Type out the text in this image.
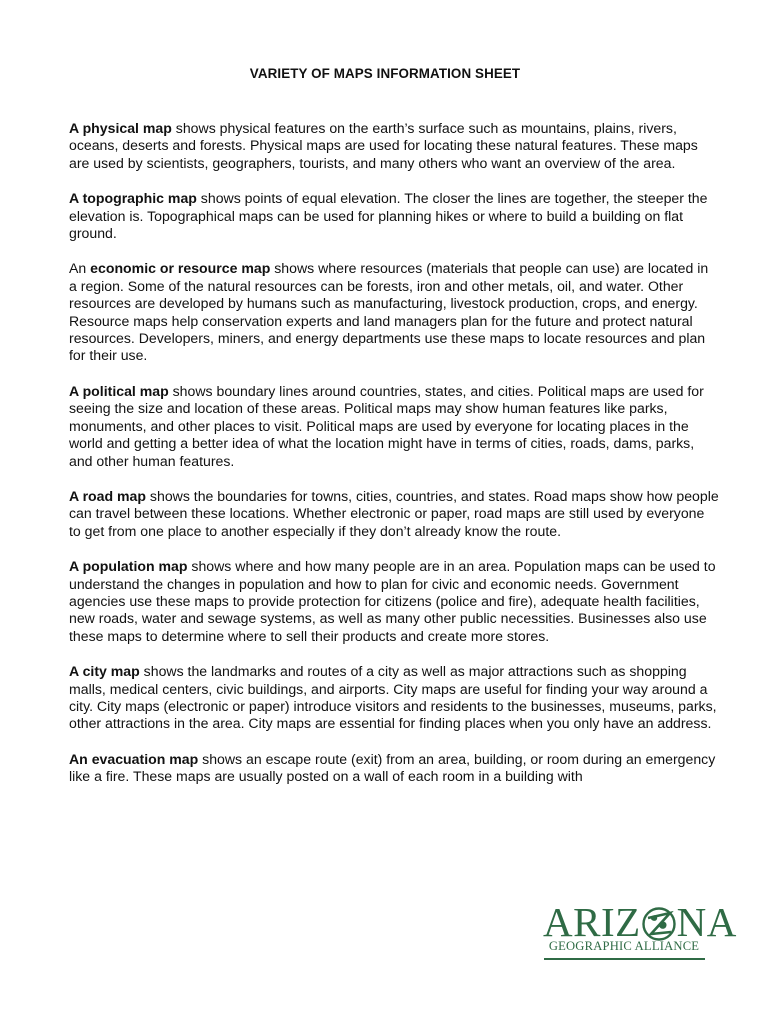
VARIETY OF MAPS INFORMATION SHEET

A physical map shows physical features on the earth’s surface such as mountains, plains, rivers, oceans, deserts and forests. Physical maps are used for locating these natural features. These maps are used by scientists, geographers, tourists, and many others who want an overview of the area.

A topographic map shows points of equal elevation. The closer the lines are together, the steeper the elevation is. Topographical maps can be used for planning hikes or where to build a building on flat ground.

An economic or resource map shows where resources (materials that people can use) are located in a region. Some of the natural resources can be forests, iron and other metals, oil, and water. Other resources are developed by humans such as manufacturing, livestock production, crops, and energy. Resource maps help conservation experts and land managers plan for the future and protect natural resources. Developers, miners, and energy departments use these maps to locate resources and plan for their use.

A political map shows boundary lines around countries, states, and cities. Political maps are used for seeing the size and location of these areas. Political maps may show human features like parks, monuments, and other places to visit. Political maps are used by everyone for locating places in the world and getting a better idea of what the location might have in terms of cities, roads, dams, parks, and other human features.

A road map shows the boundaries for towns, cities, countries, and states. Road maps show how people can travel between these locations. Whether electronic or paper, road maps are still used by everyone to get from one place to another especially if they don’t already know the route.

A population map shows where and how many people are in an area. Population maps can be used to understand the changes in population and how to plan for civic and economic needs. Government agencies use these maps to provide protection for citizens (police and fire), adequate health facilities, new roads, water and sewage systems, as well as many other public necessities. Businesses also use these maps to determine where to sell their products and create more stores.

A city map shows the landmarks and routes of a city as well as major attractions such as shopping malls, medical centers, civic buildings, and airports. City maps are useful for finding your way around a city. City maps (electronic or paper) introduce visitors and residents to the businesses, museums, parks, other attractions in the area. City maps are essential for finding places when you only have an address.

An evacuation map shows an escape route (exit) from an area, building, or room during an emergency like a fire. These maps are usually posted on a wall of each room in a building with

ARIZ NA
GEOGRAPHIC ALLIANCE
